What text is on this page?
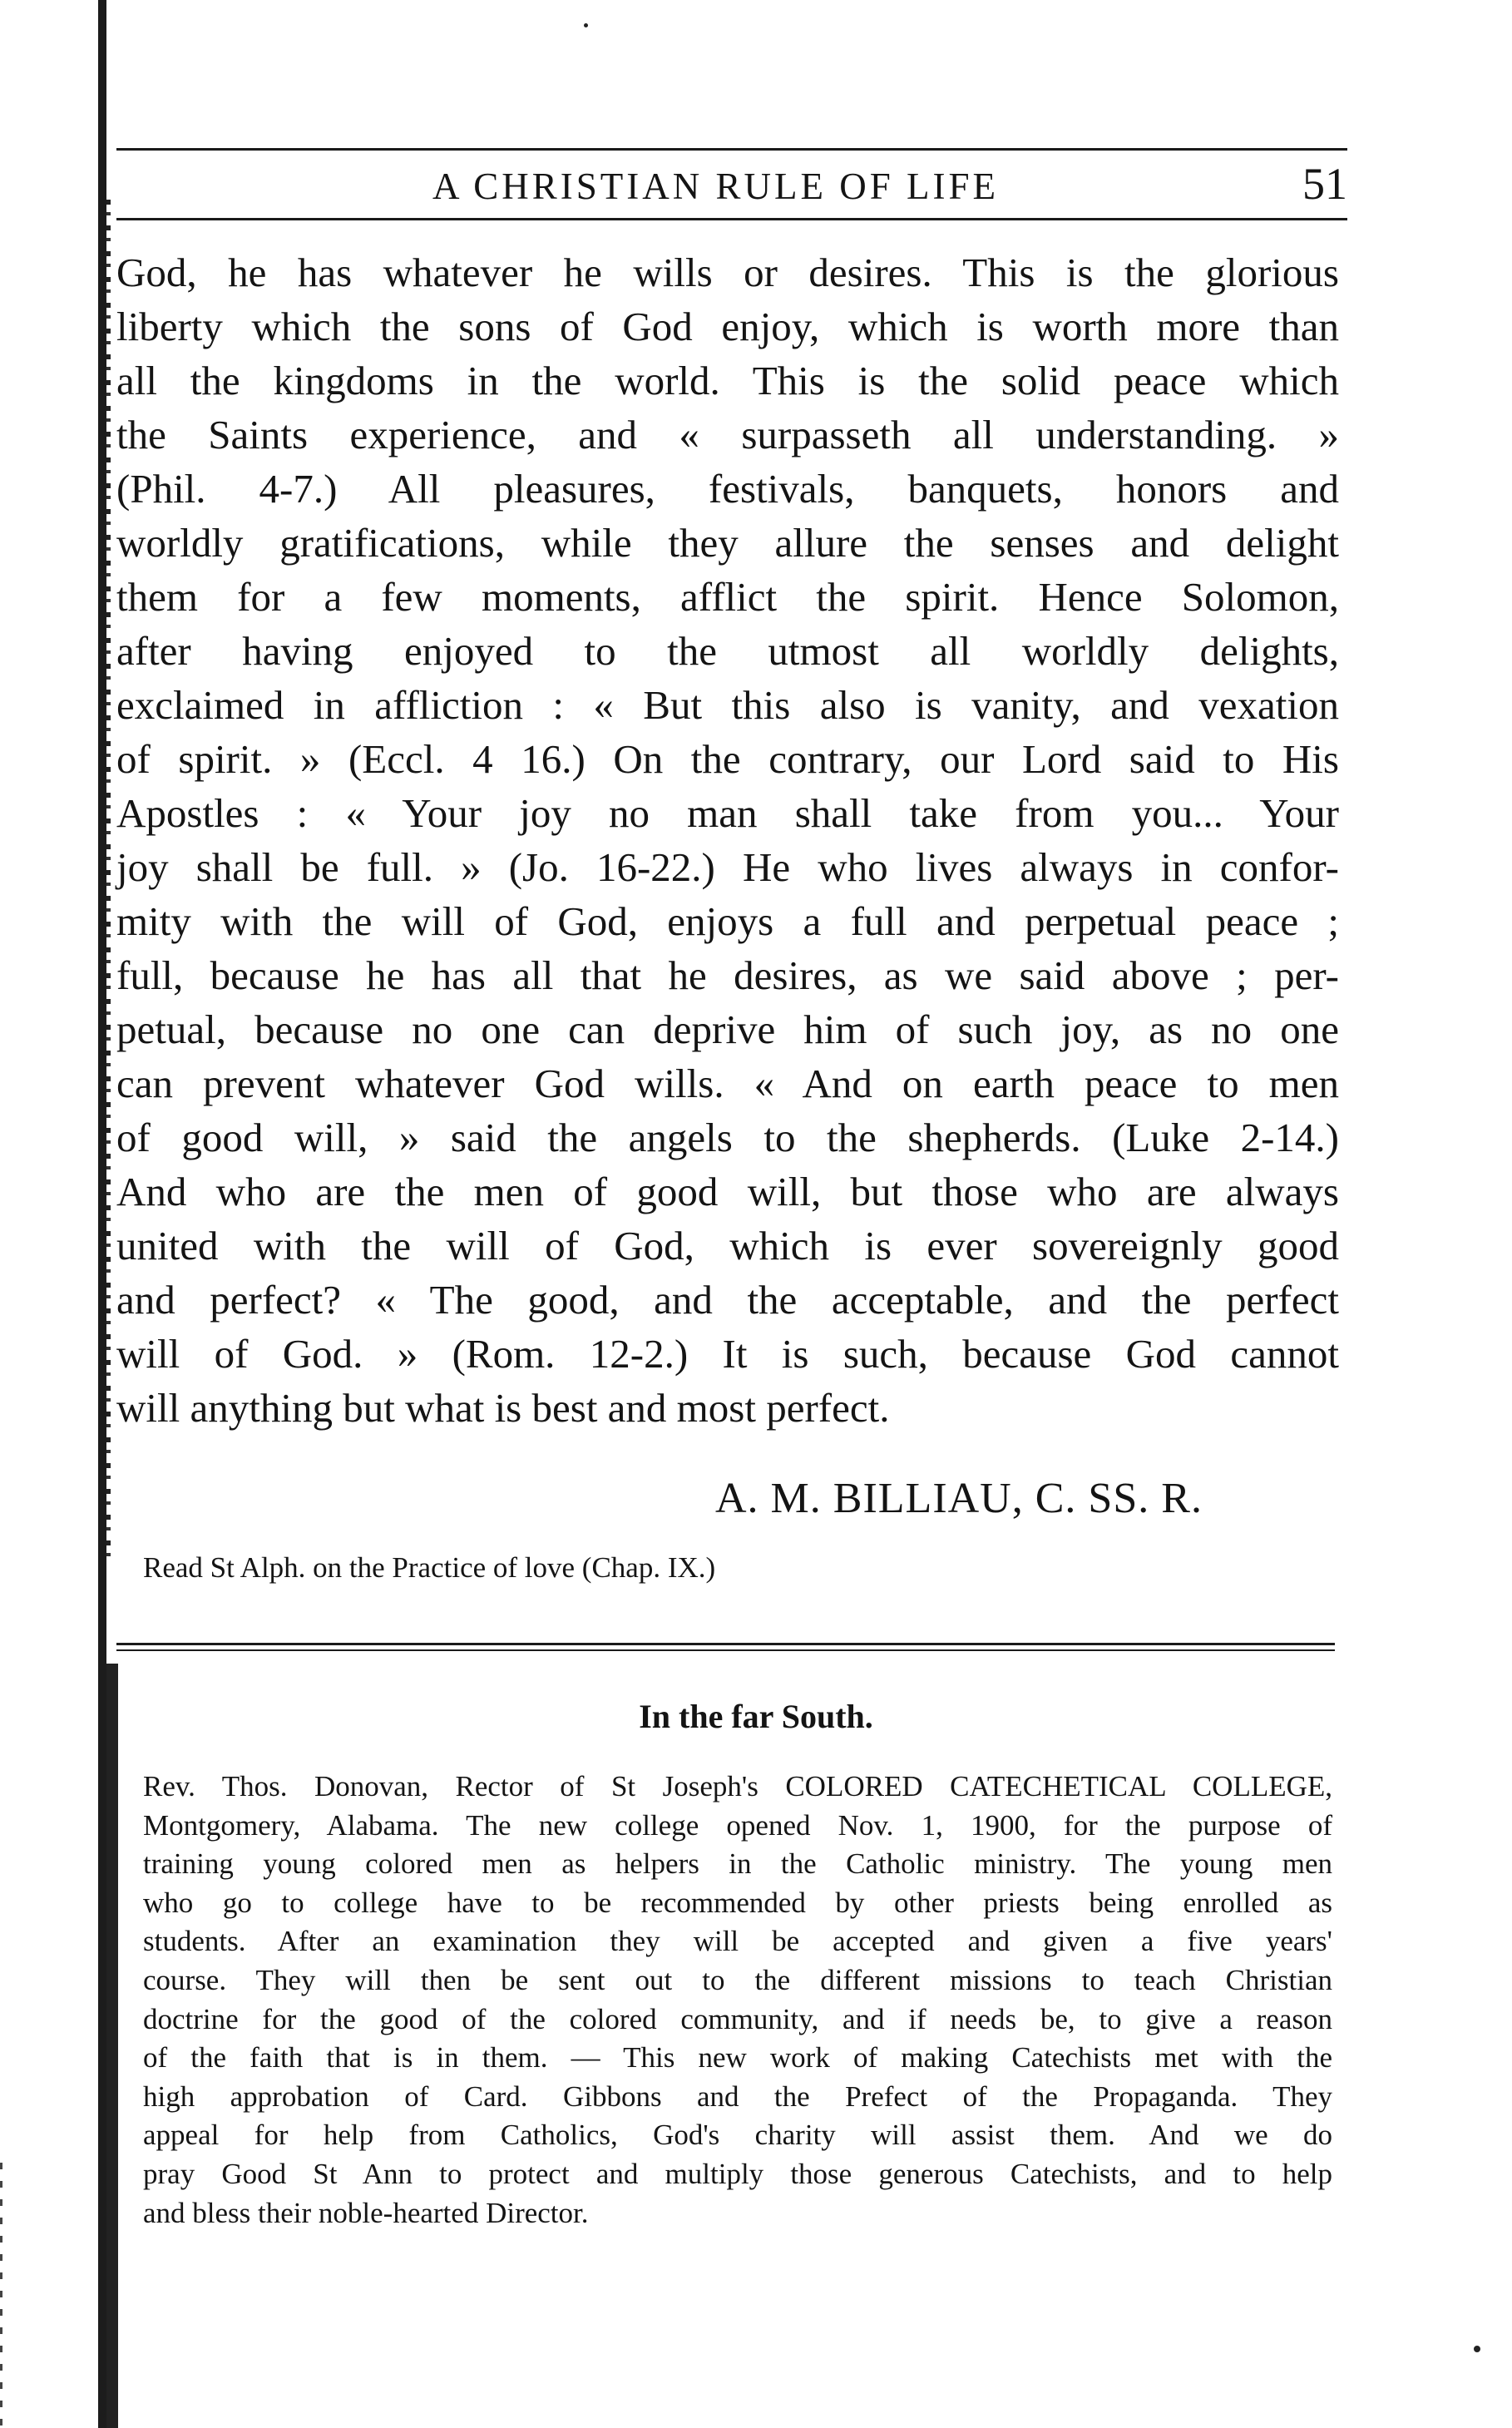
A CHRISTIAN RULE OF LIFE	51
God, he has whatever he wills or desires. This is the glorious
liberty which the sons of God enjoy, which is worth more than
all the kingdoms in the world. This is the solid peace which
the Saints experience, and « surpasseth all understanding. »
(Phil. 4-7.) All pleasures, festivals, banquets, honors and
worldly gratifications, while they allure the senses and delight
them for a few moments, afflict the spirit. Hence Solomon,
after having enjoyed to the utmost all worldly delights,
exclaimed in affliction : « But this also is vanity, and vexation
of spirit. » (Eccl. 4 16.) On the contrary, our Lord said to His
Apostles : « Your joy no man shall take from you... Your
joy shall be full. » (Jo. 16-22.) He who lives always in confor-
mity with the will of God, enjoys a full and perpetual peace ;
full, because he has all that he desires, as we said above ; per-
petual, because no one can deprive him of such joy, as no one
can prevent whatever God wills. « And on earth peace to men
of good will, » said the angels to the shepherds. (Luke 2-14.)
And who are the men of good will, but those who are always
united with the will of God, which is ever sovereignly good
and perfect? « The good, and the acceptable, and the perfect
will of God. » (Rom. 12-2.) It is such, because God cannot
will anything but what is best and most perfect.
A. M. BILLIAU, C. SS. R.
Read St Alph. on the Practice of love (Chap. IX.)
In the far South.
Rev. Thos. Donovan, Rector of St Joseph's COLORED CATECHETICAL COLLEGE,
Montgomery, Alabama. The new college opened Nov. 1, 1900, for the purpose of
training young colored men as helpers in the Catholic ministry. The young men
who go to college have to be recommended by other priests being enrolled as
students. After an examination they will be accepted and given a five years'
course. They will then be sent out to the different missions to teach Christian
doctrine for the good of the colored community, and if needs be, to give a reason
of the faith that is in them. — This new work of making Catechists met with the
high approbation of Card. Gibbons and the Prefect of the Propaganda. They
appeal for help from Catholics, God's charity will assist them. And we do
pray Good St Ann to protect and multiply those generous Catechists, and to help
and bless their noble-hearted Director.
